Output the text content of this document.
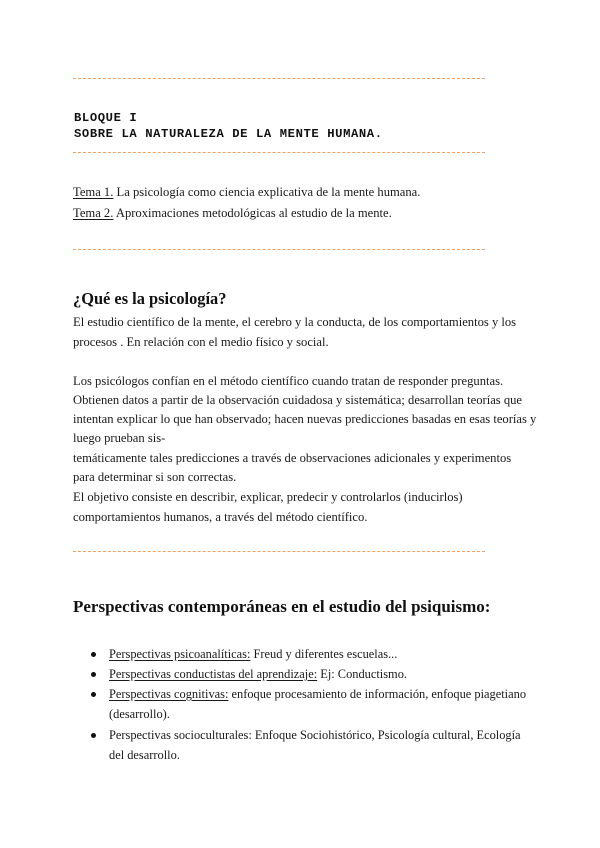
BLOQUE I
SOBRE LA NATURALEZA DE LA MENTE HUMANA.
Tema 1. La psicología como ciencia explicativa de la mente humana.
Tema 2. Aproximaciones metodológicas al estudio de la mente.
¿Qué es la psicología?
El estudio científico de la mente, el cerebro y la conducta, de los comportamientos y los
procesos . En relación con el medio físico y social.
Los psicólogos confían en el método científico cuando tratan de responder preguntas.
Obtienen datos a partir de la observación cuidadosa y sistemática; desarrollan teorías que
intentan explicar lo que han observado; hacen nuevas predicciones basadas en esas teorías y
luego prueban sis-
temáticamente tales predicciones a través de observaciones adicionales y experimentos
para determinar si son correctas.
El objetivo consiste en describir, explicar, predecir y controlarlos (inducirlos)
comportamientos humanos, a través del método científico.
Perspectivas contemporáneas en el estudio del psiquismo:
Perspectivas psicoanalíticas: Freud y diferentes escuelas...
Perspectivas conductistas del aprendizaje: Ej: Conductismo.
Perspectivas cognitivas: enfoque procesamiento de información, enfoque piagetiano
(desarrollo).
Perspectivas socioculturales: Enfoque Sociohistórico, Psicología cultural, Ecología
del desarrollo.
